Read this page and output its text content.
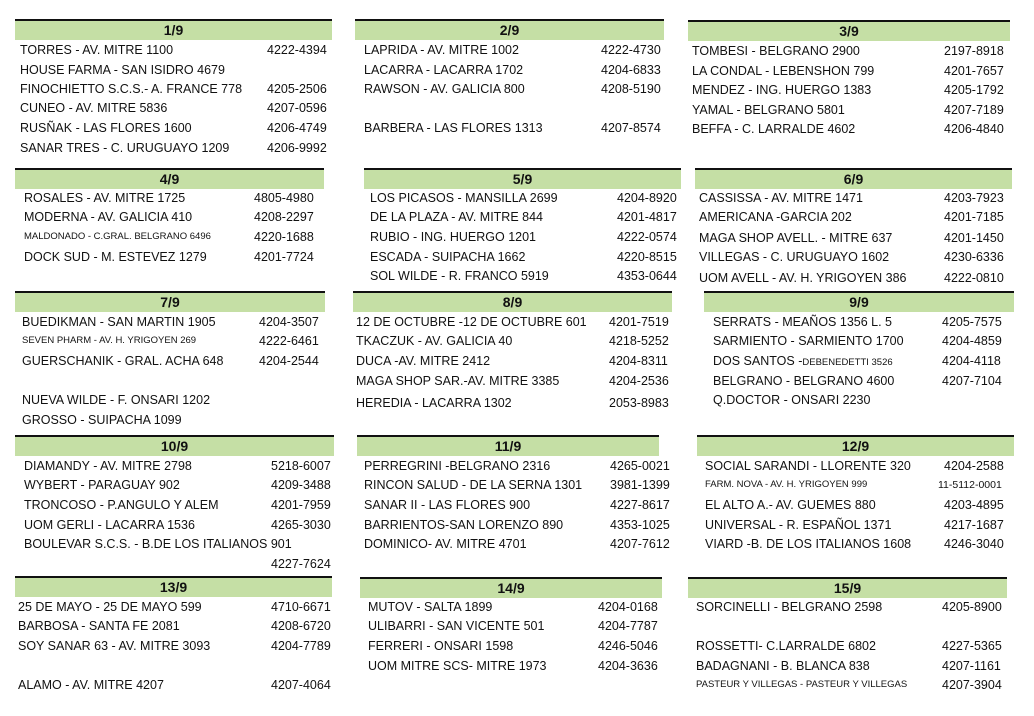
1/9
TORRES - AV. MITRE 1100	4222-4394
HOUSE FARMA - SAN ISIDRO 4679
FINOCHIETTO S.C.S.- A. FRANCE 778 4205-2506
CUNEO - AV. MITRE 5836	4207-0596
RUSÑAK - LAS FLORES 1600	4206-4749
SANAR TRES - C. URUGUAYO 1209	4206-9992
2/9
LAPRIDA - AV. MITRE 1002	4222-4730
LACARRA - LACARRA 1702	4204-6833
RAWSON - AV. GALICIA 800	4208-5190
BARBERA - LAS FLORES 1313	4207-8574
3/9
TOMBESI - BELGRANO 2900	2197-8918
LA CONDAL - LEBENSHON 799	4201-7657
MENDEZ - ING. HUERGO 1383	4205-1792
YAMAL - BELGRANO 5801	4207-7189
BEFFA - C. LARRALDE 4602	4206-4840
4/9
ROSALES - AV. MITRE 1725	4805-4980
MODERNA - AV. GALICIA 410	4208-2297
MALDONADO - C.GRAL. BELGRANO 6496	4220-1688
DOCK SUD - M. ESTEVEZ 1279	4201-7724
5/9
LOS PICASOS - MANSILLA 2699	4204-8920
DE LA PLAZA - AV. MITRE 844	4201-4817
RUBIO - ING. HUERGO 1201	4222-0574
ESCADA - SUIPACHA 1662	4220-8515
SOL WILDE - R. FRANCO 5919	4353-0644
6/9
CASSISSA - AV. MITRE 1471	4203-7923
AMERICANA -GARCIA 202	4201-7185
MAGA SHOP AVELL. - MITRE 637	4201-1450
VILLEGAS - C. URUGUAYO 1602	4230-6336
UOM AVELL - AV. H. YRIGOYEN 386	4222-0810
7/9
BUEDIKMAN - SAN MARTIN 1905	4204-3507
SEVEN PHARM - AV. H. YRIGOYEN 269	4222-6461
GUERSCHANIK - GRAL. ACHA 648	4204-2544
NUEVA WILDE - F. ONSARI 1202
GROSSO - SUIPACHA 1099
8/9
12 DE OCTUBRE -12 DE OCTUBRE 601 4201-7519
TKACZUK - AV. GALICIA 40	4218-5252
DUCA -AV. MITRE 2412	4204-8311
MAGA SHOP SAR.-AV. MITRE 3385	4204-2536
HEREDIA - LACARRA 1302	2053-8983
9/9
SERRATS - MEAÑOS 1356 L. 5	4205-7575
SARMIENTO - SARMIENTO 1700	4204-4859
DOS SANTOS -DEBENEDETTI 3526	4204-4118
BELGRANO - BELGRANO 4600	4207-7104
Q.DOCTOR - ONSARI 2230
10/9
DIAMANDY - AV. MITRE 2798	5218-6007
WYBERT - PARAGUAY 902	4209-3488
TRONCOSO - P.ANGULO Y ALEM	4201-7959
UOM GERLI - LACARRA 1536	4265-3030
BOULEVAR S.C.S. - B.DE LOS ITALIANOS 901
4227-7624
11/9
PERREGRINI -BELGRANO 2316	4265-0021
RINCON SALUD - DE LA SERNA 1301 3981-1399
SANAR II - LAS FLORES 900	4227-8617
BARRIENTOS-SAN LORENZO 890	4353-1025
DOMINICO- AV. MITRE 4701	4207-7612
12/9
SOCIAL SARANDI - LLORENTE 320	4204-2588
FARM. NOVA - AV. H. YRIGOYEN 999	11-5112-0001
EL ALTO A.- AV. GUEMES 880	4203-4895
UNIVERSAL - R. ESPAÑOL 1371	4217-1687
VIARD -B. DE LOS ITALIANOS 1608	4246-3040
13/9
25 DE MAYO - 25 DE MAYO 599	4710-6671
BARBOSA - SANTA FE 2081	4208-6720
SOY SANAR 63 - AV. MITRE 3093	4204-7789
ALAMO - AV. MITRE 4207	4207-4064
14/9
MUTOV - SALTA 1899	4204-0168
ULIBARRI - SAN VICENTE 501	4204-7787
FERRERI - ONSARI 1598	4246-5046
UOM MITRE SCS- MITRE 1973	4204-3636
15/9
SORCINELLI - BELGRANO 2598	4205-8900
ROSSETTI- C.LARRALDE 6802	4227-5365
BADAGNANI - B. BLANCA 838	4207-1161
PASTEUR Y VILLEGAS - PASTEUR Y VILLEGAS	4207-3904
